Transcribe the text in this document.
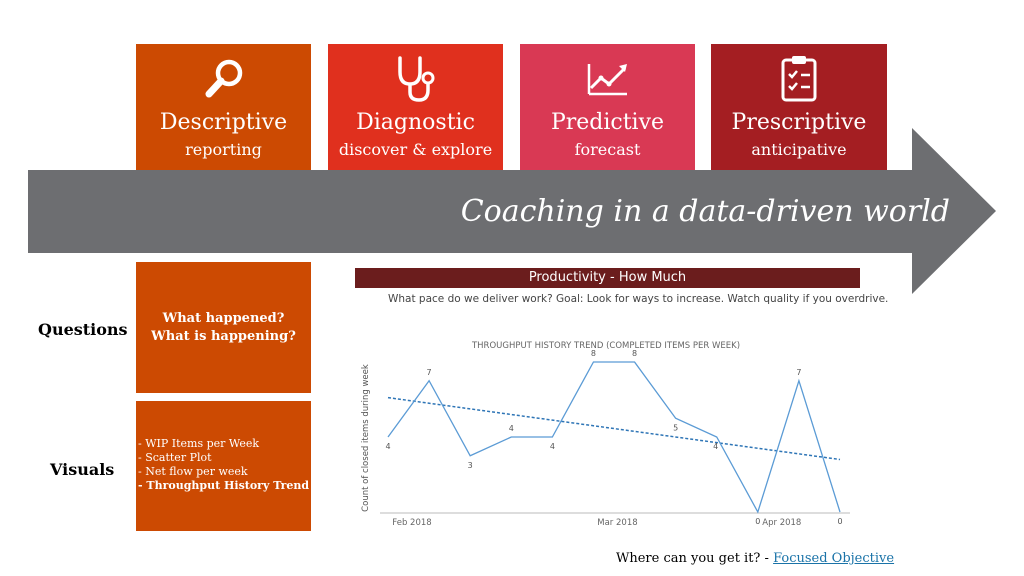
Descriptive
reporting
Diagnostic
discover & explore
Predictive
forecast
Prescriptive
anticipative
Coaching in a data-driven world
Questions
Visuals
What happened?
What is happening?
- WIP Items per Week
- Scatter Plot
- Net flow per week
- Throughput History Trend
Productivity - How Much
What pace do we deliver work? Goal: Look for ways to increase. Watch quality if you overdrive.
THROUGHPUT HISTORY TREND (COMPLETED ITEMS PER WEEK)
Count of closed items during week 4
7
3
4
4
8	8
5
4
0
7
0
Feb 2018	Mar 2018	Apr 2018
Where can you get it? - Focused Objective
